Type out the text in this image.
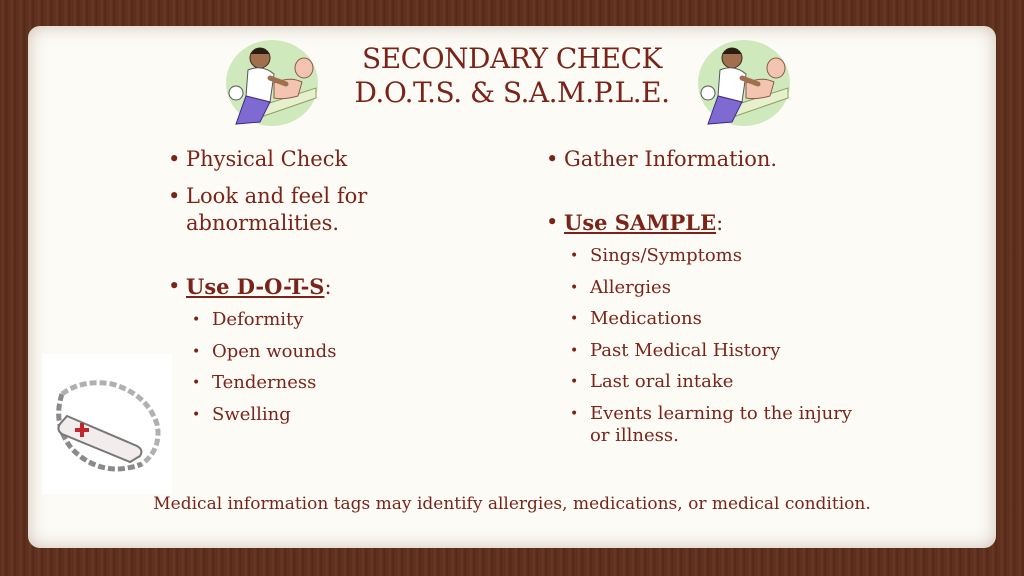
SECONDARY CHECK
D.O.T.S. & S.A.M.P.L.E.
• Physical Check
• Look and feel for abnormalities.
• Use D-O-T-S:
• Deformity
• Open wounds
• Tenderness
• Swelling
• Gather Information.
• Use SAMPLE:
• Sings/Symptoms
• Allergies
• Medications
• Past Medical History
• Last oral intake
• Events learning to the injury or illness.
Medical information tags may identify allergies, medications, or medical condition.
